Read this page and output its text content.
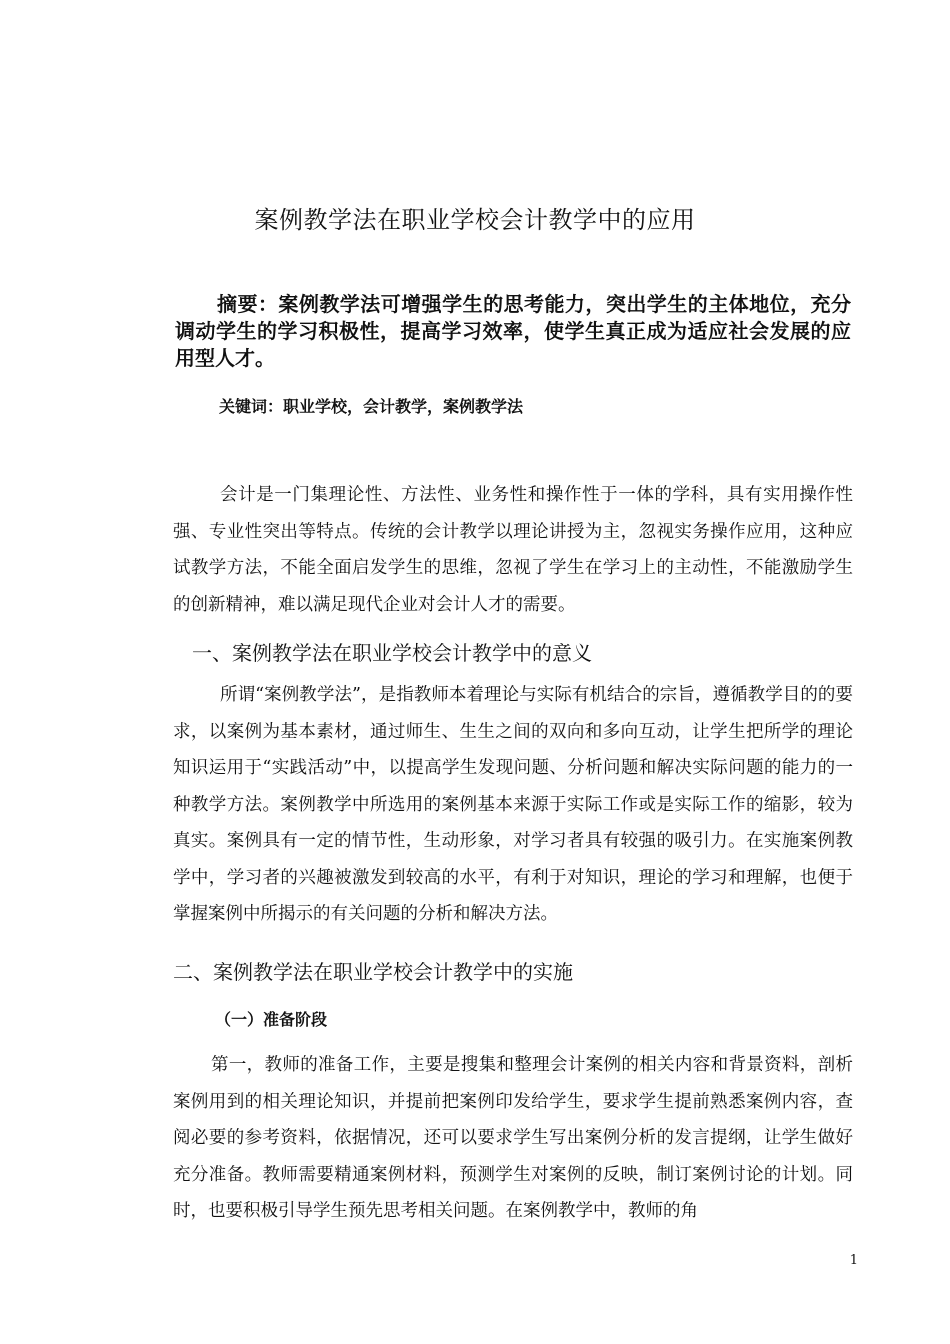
案例教学法在职业学校会计教学中的应用

摘要：案例教学法可增强学生的思考能力，突出学生的主体地位，充分调动学生的学习积极性，提高学习效率，使学生真正成为适应社会发展的应用型人才。

关键词：职业学校，会计教学，案例教学法

会计是一门集理论性、方法性、业务性和操作性于一体的学科，具有实用操作性强、专业性突出等特点。传统的会计教学以理论讲授为主，忽视实务操作应用，这种应试教学方法，不能全面启发学生的思维，忽视了学生在学习上的主动性，不能激励学生的创新精神，难以满足现代企业对会计人才的需要。

一、案例教学法在职业学校会计教学中的意义

所谓“案例教学法”，是指教师本着理论与实际有机结合的宗旨，遵循教学目的的要求，以案例为基本素材，通过师生、生生之间的双向和多向互动，让学生把所学的理论知识运用于“实践活动”中，以提高学生发现问题、分析问题和解决实际问题的能力的一种教学方法。案例教学中所选用的案例基本来源于实际工作或是实际工作的缩影，较为真实。案例具有一定的情节性，生动形象，对学习者具有较强的吸引力。在实施案例教学中，学习者的兴趣被激发到较高的水平，有利于对知识，理论的学习和理解，也便于掌握案例中所揭示的有关问题的分析和解决方法。

二、案例教学法在职业学校会计教学中的实施
（一）准备阶段

第一，教师的准备工作，主要是搜集和整理会计案例的相关内容和背景资料，剖析案例用到的相关理论知识，并提前把案例印发给学生，要求学生提前熟悉案例内容，查阅必要的参考资料，依据情况，还可以要求学生写出案例分析的发言提纲，让学生做好充分准备。教师需要精通案例材料，预测学生对案例的反映，制订案例讨论的计划。同时，也要积极引导学生预先思考相关问题。在案例教学中，教师的角

1
